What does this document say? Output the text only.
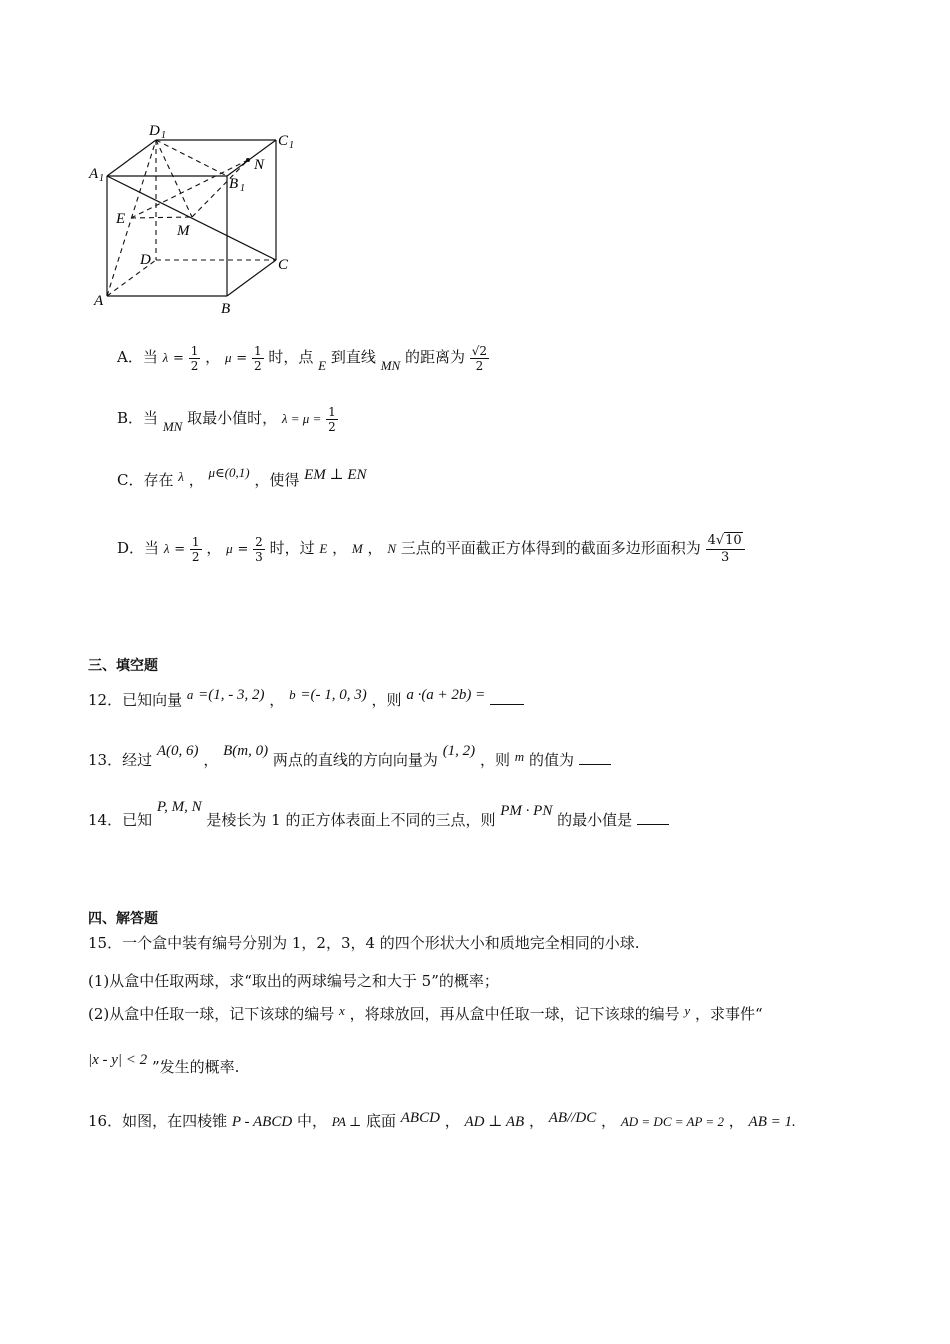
D 1	C 1
A 1
N
B 1
E
M
D	C
A	B
A．当 $\lambda = \frac{1}{2}$ ， $\mu = \frac{1}{2}$ 时，点 E 到直线 MN 的距离为 $\frac{√2}{2}$
B．当 MN 取最小值时， $\lambda = \mu = \frac{1}{2}$
C．存在 λ ， μ∈(0,1) ，使得 EM ⊥ EN
D．当 $\lambda = \frac{1}{2}$ ， $\mu = \frac{2}{3}$ 时，过 E ， M ， N 三点的平面截正方体得到的截面多边形面积为 $\frac{4√10}{3}$
三、填空题
12．已知向量 a =(1, - 3, 2) ， b =(- 1, 0, 3) ，则 a ·(a + 2b) =
13．经过 A(0, 6) ， B(m, 0) 两点的直线的方向向量为 (1, 2) ，则 m 的值为
14．已知 P, M, N 是棱长为 1 的正方体表面上不同的三点，则 PM · PN 的最小值是
四、解答题
15．一个盒中装有编号分别为 1，2，3，4 的四个形状大小和质地完全相同的小球.
(1)从盒中任取两球，求“取出的两球编号之和大于 5”的概率；
(2)从盒中任取一球，记下该球的编号 x ，将球放回，再从盒中任取一球，记下该球的编号 y ，求事件“
|x - y| < 2 ”发生的概率.
16．如图，在四棱锥 P - ABCD 中， PA ⊥ 底面 ABCD ， AD ⊥ AB ， AB//DC ， AD = DC = AP = 2 ， AB = 1.
